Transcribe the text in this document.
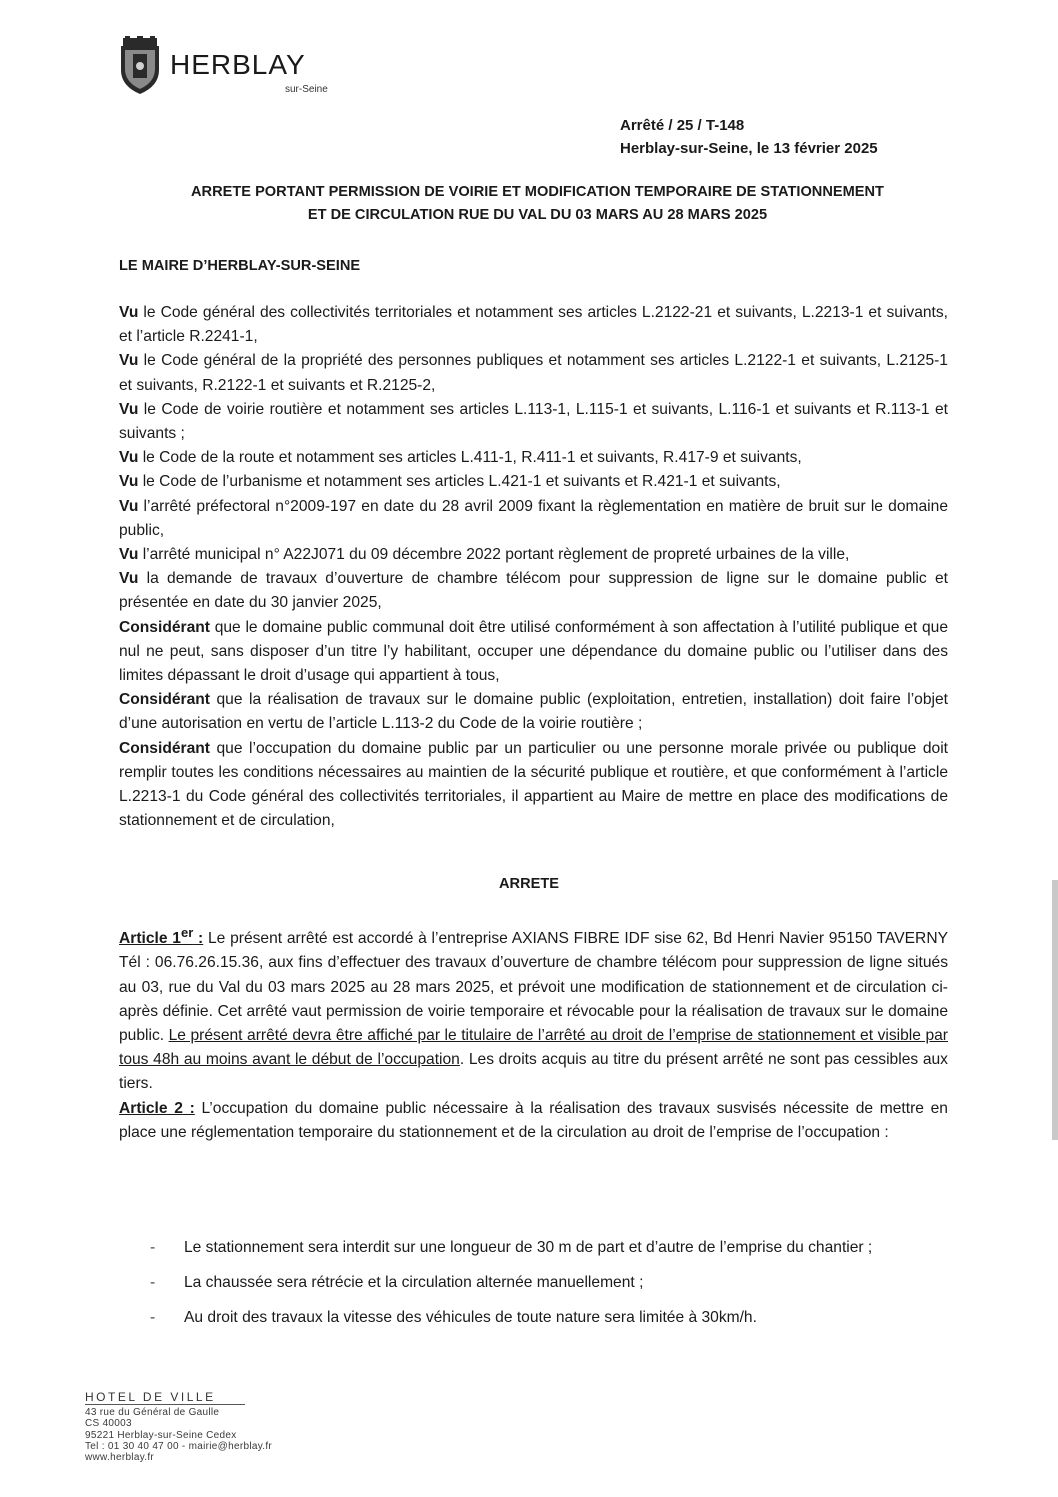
HERBLAY
sur-Seine
Arrêté / 25 / T-148
Herblay-sur-Seine, le 13 février 2025
ARRETE PORTANT PERMISSION DE VOIRIE ET MODIFICATION TEMPORAIRE DE STATIONNEMENT
ET DE CIRCULATION RUE DU VAL DU 03 MARS AU 28 MARS 2025
LE MAIRE D’HERBLAY-SUR-SEINE

Vu le Code général des collectivités territoriales et notamment ses articles L.2122-21 et suivants, L.2213-1 et suivants, et l’article R.2241-1,

Vu le Code général de la propriété des personnes publiques et notamment ses articles L.2122-1 et suivants, L.2125-1 et suivants, R.2122-1 et suivants et R.2125-2,

Vu le Code de voirie routière et notamment ses articles L.113-1, L.115-1 et suivants, L.116-1 et suivants et R.113-1 et suivants ;

Vu le Code de la route et notamment ses articles L.411-1, R.411-1 et suivants, R.417-9 et suivants,

Vu le Code de l’urbanisme et notamment ses articles L.421-1 et suivants et R.421-1 et suivants,

Vu l’arrêté préfectoral n°2009-197 en date du 28 avril 2009 fixant la règlementation en matière de bruit sur le domaine public,

Vu l’arrêté municipal n° A22J071 du 09 décembre 2022 portant règlement de propreté urbaines de la ville,

Vu la demande de travaux d’ouverture de chambre télécom pour suppression de ligne sur le domaine public et présentée en date du 30 janvier 2025,

Considérant que le domaine public communal doit être utilisé conformément à son affectation à l’utilité publique et que nul ne peut, sans disposer d’un titre l’y habilitant, occuper une dépendance du domaine public ou l’utiliser dans des limites dépassant le droit d’usage qui appartient à tous,

Considérant que la réalisation de travaux sur le domaine public (exploitation, entretien, installation) doit faire l’objet d’une autorisation en vertu de l’article L.113-2 du Code de la voirie routière ;

Considérant que l’occupation du domaine public par un particulier ou une personne morale privée ou publique doit remplir toutes les conditions nécessaires au maintien de la sécurité publique et routière, et que conformément à l’article L.2213-1 du Code général des collectivités territoriales, il appartient au Maire de mettre en place des modifications de stationnement et de circulation,

ARRETE

Article 1er : Le présent arrêté est accordé à l’entreprise AXIANS FIBRE IDF sise 62, Bd Henri Navier 95150 TAVERNY Tél : 06.76.26.15.36, aux fins d’effectuer des travaux d’ouverture de chambre télécom pour suppression de ligne situés au 03, rue du Val du 03 mars 2025 au 28 mars 2025, et prévoit une modification de stationnement et de circulation ci-après définie. Cet arrêté vaut permission de voirie temporaire et révocable pour la réalisation de travaux sur le domaine public. Le présent arrêté devra être affiché par le titulaire de l’arrêté au droit de l’emprise de stationnement et visible par tous 48h au moins avant le début de l’occupation. Les droits acquis au titre du présent arrêté ne sont pas cessibles aux tiers.

Article 2 : L’occupation du domaine public nécessaire à la réalisation des travaux susvisés nécessite de mettre en place une réglementation temporaire du stationnement et de la circulation au droit de l’emprise de l’occupation :

-	Le stationnement sera interdit sur une longueur de 30 m de part et d’autre de l’emprise du chantier ;
-	La chaussée sera rétrécie et la circulation alternée manuellement ;
-	Au droit des travaux la vitesse des véhicules de toute nature sera limitée à 30km/h.
HOTEL DE VILLE
43 rue du Général de Gaulle
CS 40003
95221 Herblay-sur-Seine Cedex
Tel : 01 30 40 47 00 - mairie@herblay.fr
www.herblay.fr
